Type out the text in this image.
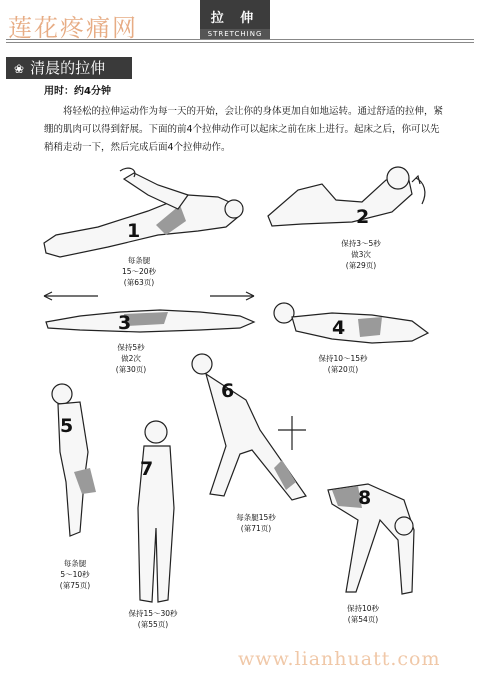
莲花疼痛网	拉 伸
STRETCHING
❀ 清晨的拉伸
用时：约4分钟
将轻松的拉伸运动作为每一天的开始，会让你的身体更加自如地运转。通过舒适的拉伸，紧绷的肌肉可以得到舒展。下面的前4个拉伸动作可以起床之前在床上进行。起床之后，你可以先稍稍走动一下，然后完成后面4个拉伸动作。
1
每条腿
15～20秒
(第63页)
2
保持3～5秒
做3次
(第29页)
3
保持5秒
做2次
(第30页)
4
保持10～15秒
(第20页)
5
每条腿
5～10秒
(第75页)
6
每条腿15秒
(第71页)
7
保持15～30秒
(第55页)
8
保持10秒
(第54页)
www.lianhuatt.com
